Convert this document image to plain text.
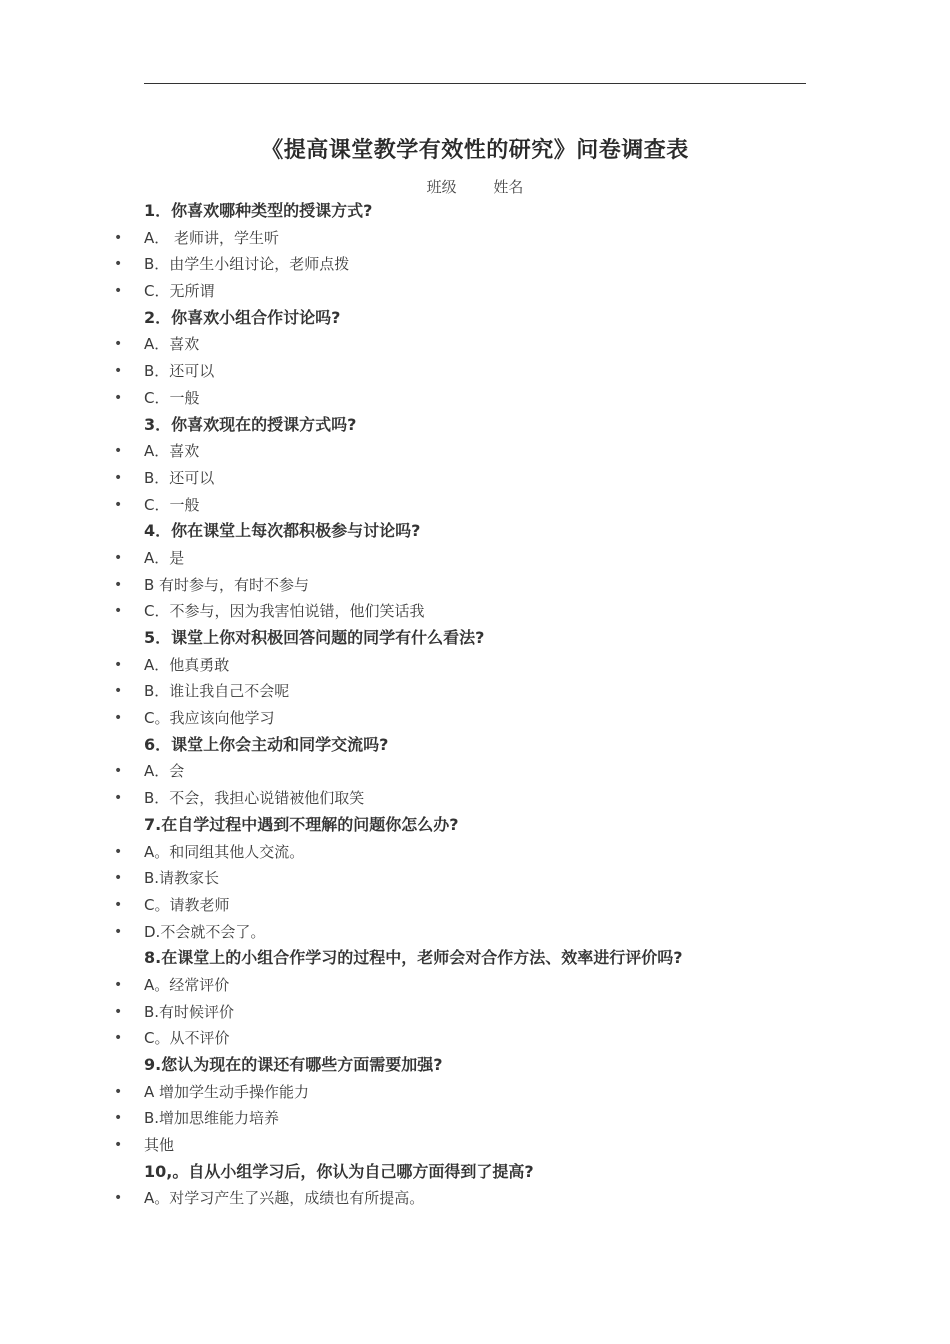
《提高课堂教学有效性的研究》问卷调查表
班级 姓名
1．你喜欢哪种类型的授课方式?
• A． 老师讲，学生听
• B．由学生小组讨论，老师点拨
• C．无所谓
2．你喜欢小组合作讨论吗?
• A．喜欢
• B．还可以
• C．一般
3．你喜欢现在的授课方式吗?
• A．喜欢
• B．还可以
• C．一般
4．你在课堂上每次都积极参与讨论吗?
• A．是
• B 有时参与，有时不参与
• C．不参与，因为我害怕说错，他们笑话我
5．课堂上你对积极回答问题的同学有什么看法?
• A．他真勇敢
• B．谁让我自己不会呢
• C。我应该向他学习
6．课堂上你会主动和同学交流吗?
• A．会
• B．不会，我担心说错被他们取笑
7.在自学过程中遇到不理解的问题你怎么办?
• A。和同组其他人交流。
• B.请教家长
• C。请教老师
• D.不会就不会了。
8.在课堂上的小组合作学习的过程中，老师会对合作方法、效率进行评价吗?
• A。经常评价
• B.有时候评价
• C。从不评价
9.您认为现在的课还有哪些方面需要加强?
• A 增加学生动手操作能力
• B.增加思维能力培养
• 其他
10,。自从小组学习后，你认为自己哪方面得到了提高?
• A。对学习产生了兴趣，成绩也有所提高。
